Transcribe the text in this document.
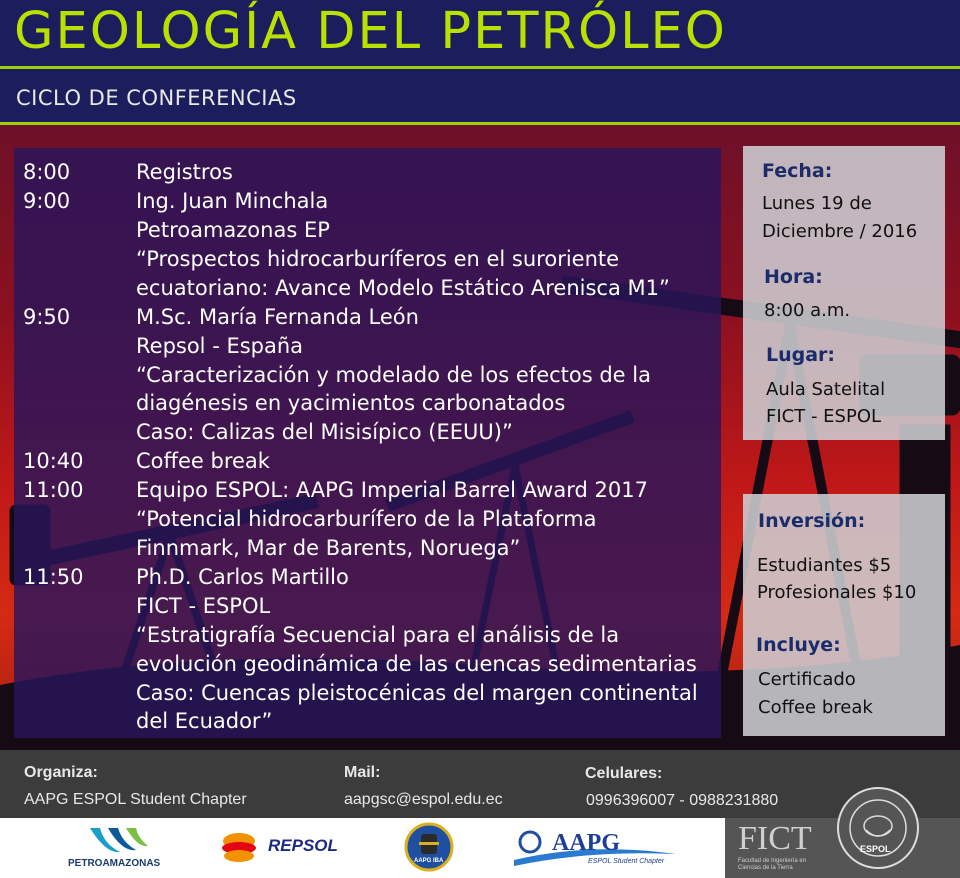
GEOLOGÍA DEL PETRÓLEO
CICLO DE CONFERENCIAS
8:00	Registros
9:00	Ing. Juan Minchala
Petroamazonas EP
“Prospectos hidrocarburíferos en el suroriente
ecuatoriano: Avance Modelo Estático Arenisca M1”
9:50	M.Sc. María Fernanda León
Repsol - España
“Caracterización y modelado de los efectos de la
diagénesis en yacimientos carbonatados
Caso: Calizas del Misisípico (EEUU)”
10:40 Coffee break
11:00 Equipo ESPOL: AAPG Imperial Barrel Award 2017
“Potencial hidrocarburífero de la Plataforma
Finnmark, Mar de Barents, Noruega”
11:50 Ph.D. Carlos Martillo
FICT - ESPOL
“Estratigrafía Secuencial para el análisis de la
evolución geodinámica de las cuencas sedimentarias
Caso: Cuencas pleistocénicas del margen continental
del Ecuador”
Fecha:
Lunes 19 de
Diciembre / 2016
Hora:
8:00 a.m.
Lugar:
Aula Satelital
FICT - ESPOL
Inversión:
Estudiantes $5
Profesionales $10
Incluye:
Certificado
Coffee break
Organiza:
AAPG ESPOL Student Chapter
Mail:
aapgsc@espol.edu.ec
Celulares:
0996396007 - 0988231880
PETROAMAZONAS
REPSOL
AAPG IBA
AAPG
ESPOL Student Chapter
FICT
Facultad de Ingeniería en
Ciencias de la Tierra
ESPOL
